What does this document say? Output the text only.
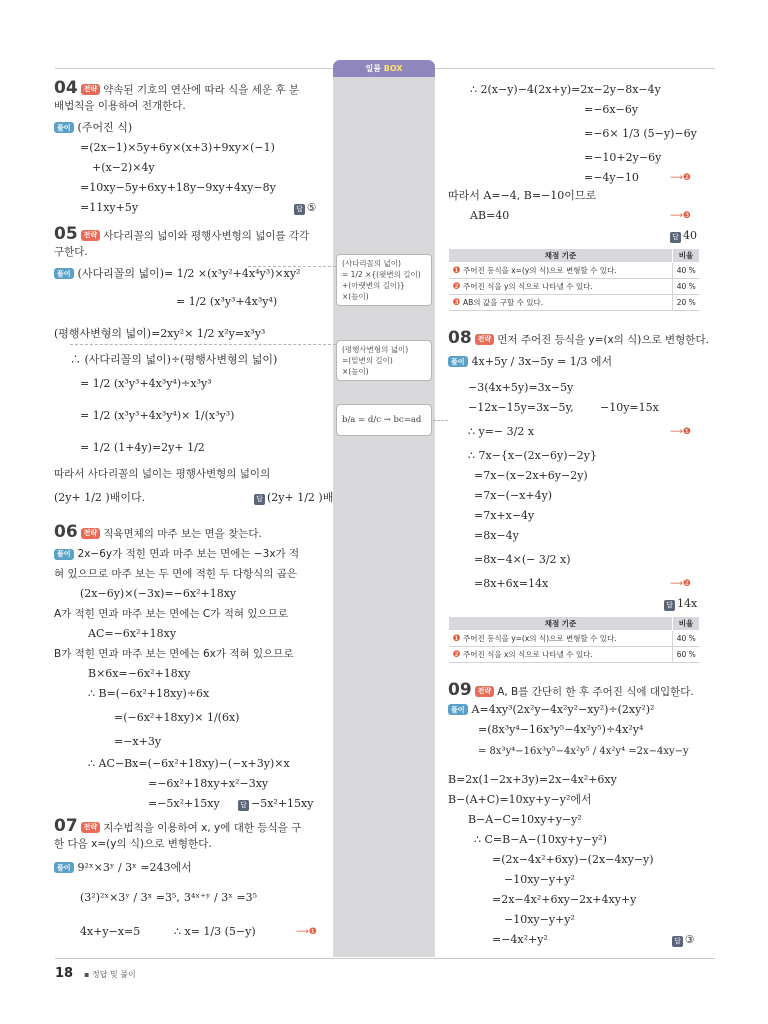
일품 BOX
04 전략 약속된 기호의 연산에 따라 식을 세운 후 분배법칙을 이용하여 전개한다.
풀이 (주어진 식)
=(2x−1)×5y+6y×(x+3)+9xy×(−1)
+(x−2)×4y
=10xy−5y+6xy+18y−9xy+4xy−8y
=11xy+5y	답 ⑤
05 전략 사다리꼴의 넓이와 평행사변형의 넓이를 각각 구한다.
풀이 (사다리꼴의 넓이)= 1/2 ×(x³y²+4x⁴y³)×xy²
= 1/2 (x³y³+4x³y⁴)
(평행사변형의 넓이)=2xy²× 1/2 x²y=x³y³
∴ (사다리꼴의 넓이)÷(평행사변형의 넓이)
= 1/2 (x³y³+4x³y⁴)÷x³y³
= 1/2 (x³y³+4x³y⁴)× 1/(x³y³)
= 1/2 (1+4y)=2y+ 1/2
따라서 사다리꼴의 넓이는 평행사변형의 넓이의
(2y+ 1/2 )배이다.	답 (2y+ 1/2 )배
06 전략 직육면체의 마주 보는 면을 찾는다.
풀이 2x−6y가 적힌 면과 마주 보는 면에는 −3x가 적
혀 있으므로 마주 보는 두 면에 적힌 두 다항식의 곱은
(2x−6y)×(−3x)=−6x²+18xy
A가 적힌 면과 마주 보는 면에는 C가 적혀 있으므로
AC=−6x²+18xy
B가 적힌 면과 마주 보는 면에는 6x가 적혀 있으므로
B×6x=−6x²+18xy
∴ B=(−6x²+18xy)÷6x
=(−6x²+18xy)× 1/(6x)
=−x+3y
∴ AC−Bx=(−6x²+18xy)−(−x+3y)×x
=−6x²+18xy+x²−3xy
=−5x²+15xy	답 −5x²+15xy
07 전략 지수법칙을 이용하여 x, y에 대한 등식을 구한 다음 x=(y의 식)으로 변형한다.
풀이 9²ˣ×3ʸ / 3ˣ =243에서
(3²)²ˣ×3ʸ / 3ˣ =3⁵, 3⁴ˣ⁺ʸ / 3ˣ =3⁵
4x+y−x=5	∴ x= 1/3 (5−y)	⟶❶
(사다리꼴의 넓이)
= 1/2 ×{(윗변의 길이)
+(아랫변의 길이)}
×(높이)
(평행사변형의 넓이)
=(밑변의 길이)
×(높이)
b/a = d/c → bc=ad
∴ 2(x−y)−4(2x+y)=2x−2y−8x−4y
=−6x−6y
=−6× 1/3 (5−y)−6y
=−10+2y−6y
=−4y−10	⟶❷
따라서 A=−4, B=−10이므로
AB=40	⟶❸
답 40
채점 기준	비율
❶ 주어진 등식을 x=(y의 식)으로 변형할 수 있다.	40 %
❷ 주어진 식을 y의 식으로 나타낼 수 있다.	40 %
❸ AB의 값을 구할 수 있다.	20 %
08 전략 먼저 주어진 등식을 y=(x의 식)으로 변형한다.
풀이 4x+5y / 3x−5y = 1/3 에서
−3(4x+5y)=3x−5y
−12x−15y=3x−5y, −10y=15x
∴ y=− 3/2 x	⟶❶
∴ 7x−{x−(2x−6y)−2y}
=7x−(x−2x+6y−2y)
=7x−(−x+4y)
=7x+x−4y
=8x−4y
=8x−4×(− 3/2 x)
=8x+6x=14x	⟶❷
답 14x
채점 기준	비율
❶ 주어진 등식을 y=(x의 식)으로 변형할 수 있다.	40 %
❷ 주어진 식을 x의 식으로 나타낼 수 있다.	60 %
09 전략 A, B를 간단히 한 후 주어진 식에 대입한다.
풀이 A=4xy³(2x²y−4x²y²−xy²)÷(2xy²)²
=(8x³y⁴−16x³y⁵−4x²y⁵)÷4x²y⁴
= 8x³y⁴−16x³y⁵−4x²y⁵ / 4x²y⁴ =2x−4xy−y
B=2x(1−2x+3y)=2x−4x²+6xy
B−(A+C)=10xy+y−y²에서
B−A−C=10xy+y−y²
∴ C=B−A−(10xy+y−y²)
=(2x−4x²+6xy)−(2x−4xy−y)
−10xy−y+y²
=2x−4x²+6xy−2x+4xy+y
−10xy−y+y²
=−4x²+y²	답 ③
18 ▪ 정답 및 풀이
